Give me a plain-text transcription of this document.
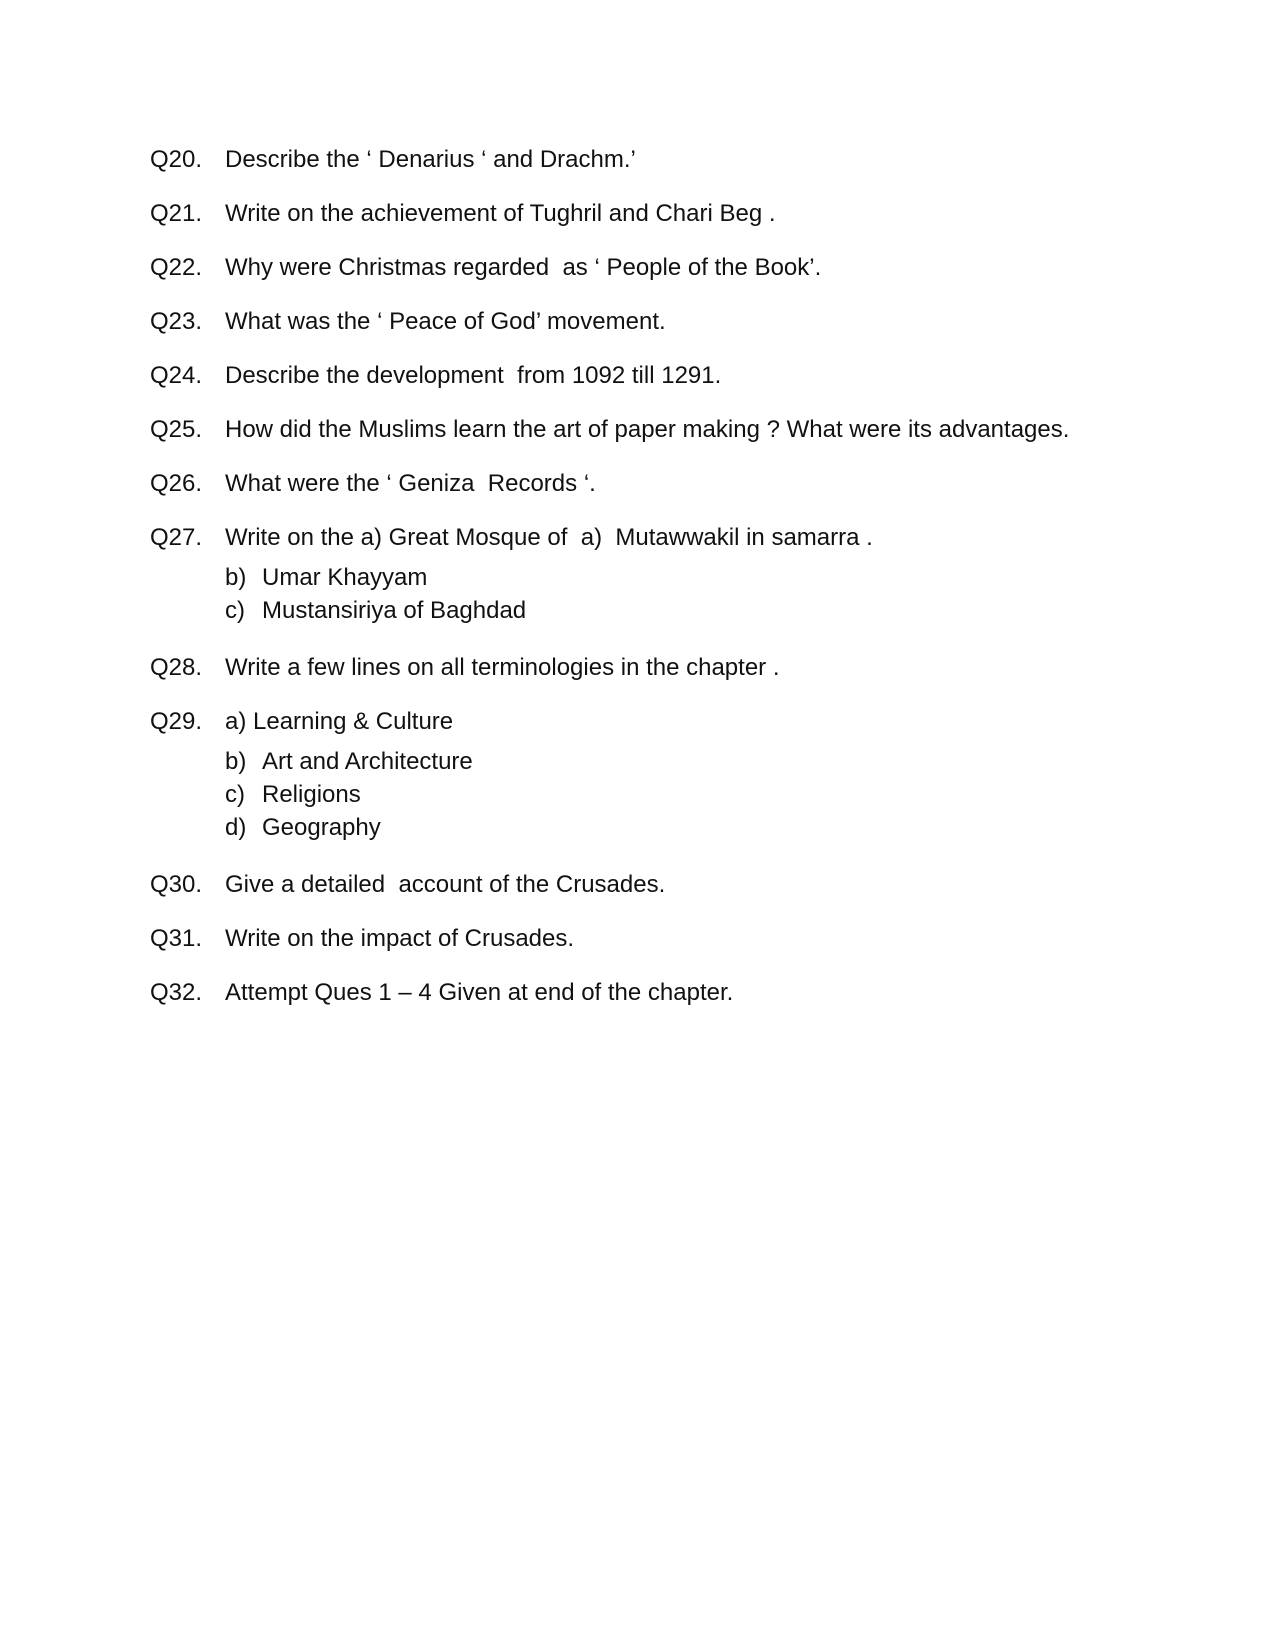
Q20.

Describe the ‘ Denarius ‘ and Drachm.’

Q21.

Write on the achievement of Tughril and Chari Beg .

Q22.

Why were Christmas regarded  as ‘ People of the Book’.

Q23.

What was the ‘ Peace of God’ movement.

Q24.

Describe the development  from 1092 till 1291.

Q25.

How did the Muslims learn the art of paper making ? What were its advantages.

Q26.

What were the ‘ Geniza  Records ‘.

Q27.

Write on the a) Great Mosque of  a)  Mutawwakil in samarra .

b)

Umar Khayyam

c)

Mustansiriya of Baghdad

Q28.

Write a few lines on all terminologies in the chapter .

Q29.

a) Learning & Culture

b)

Art and Architecture

c)

Religions

d)

Geography

Q30.

Give a detailed  account of the Crusades.

Q31.

Write on the impact of Crusades.

Q32.

Attempt Ques 1 – 4 Given at end of the chapter.
